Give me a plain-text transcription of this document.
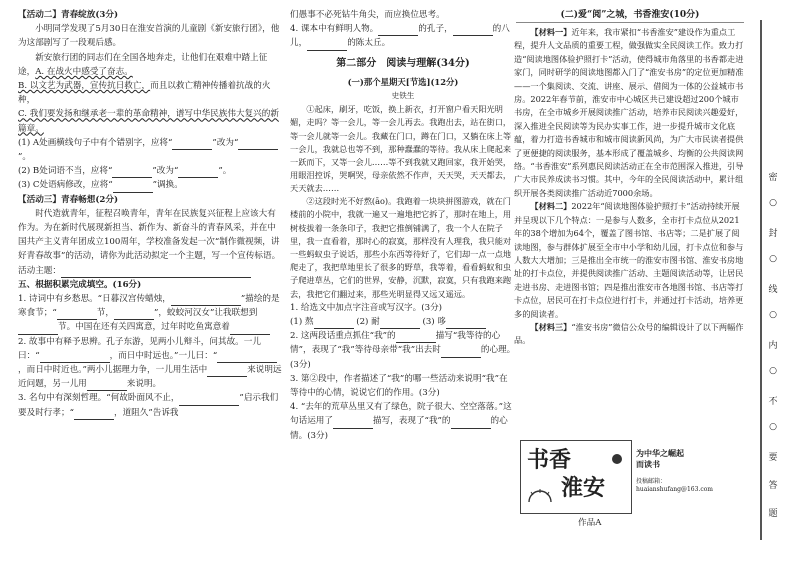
【活动二】青春绽放(3分)
小明同学发现了5月30日在淮安首演的儿童剧《新安旅行团》，他为这部剧写了一段观后感。
新安旅行团的同志们在全国各地奔走，让他们在艰难中踏上征途，A. 在战火中感受了奋志。
B. 以文艺为武器，宣传抗日救亡，而且以救亡精神传播着抗战的火种，
C. 我们要发扬和继承老一辈的革命精神，谱写中华民族伟大复兴的新篇章。
(1) A处画横线句子中有个错别字，应将“	”改为“”。
(2) B处词语不当，应将“	”改为“	”。
(3) C处语病修改，应将“	”调换。
【活动三】青春畅想(2分)
时代造就青年，征程召唤青年，青年在民族复兴征程上应该大有作为。为在新时代展现新担当、新作为、新奋斗的青春风采，并在中国共产主义青年团成立100周年，学校准备发起一次“制作微视频，讲好青春故事”的活动，请你为此活动拟定一个主题，写一个宣传标语。
活动主题：
五、根据积累完成填空。(16分)
1. 诗词中有乡愁思。“日暮汉宫传蜡烛，	”描绘的是寒食节；“	节，	”，蛟蛟河汉女”让我联想到节。中国在还有关四寓意，过年时吃鱼寓意着
2. 故事中有释予思辨。孔子东游，见两小儿辩斗，问其故。一儿曰：“	，而日中时远也。”一儿曰：“，而日中时近也。”两小儿据理力争，一儿用生活中	来说明远近问题，另一儿用	来说明。
3. 名句中有深刻哲理。“何故卧面风不止，	”启示我们要及时行孝；“	，道阻久”告诉我
们愚事不必死钻牛角尖，而应换位思考。
4. 课本中有鲜明人物。	的孔子，	的八儿，	的陈太丘。
第二部分　阅读与理解(34分)
(一)那个星期天[节选](12分)
史铁生
①起床，刷牙，吃饭，换上新衣，打开窗户看天阳光明媚，走吗？等一会儿，等一会儿再去。我跑出去，站在街口，等一会儿就等一会儿。我藏在门口，蹲在门口，又躺在床上等一会儿，我就总也等不到，那种蠢蠢的等待。我从床上爬起来一跃而下，又等一会儿……等不到我就又跑回家，我开始哭，用眼泪控诉，哭啊哭，母亲依然不作声，天天哭，天天都去，天天就去……
②这段时光不好熬(āo)。我跑着一块块拼图游戏，就在门楼前的小院中，我就一遍又一遍地把它拆了，那时在地上，用树枝拔着一条条印子，我把它推倒铺满了，我一个人在院子里，我一直看着，那时心的寂寞，那样没有人理我，我只能对一些蚂蚁虫子说话，那些小东西等待好了，它们却一点一点地爬走了，我把草地里长了很多的野草，我等着，看看蚂蚁和虫子爬进草丛，它们的世界，安静，沉默，寂寞，只有我跑来跑去，我把它们翻过来，那些光明显得又远又遥远。
1. 给选文中加点字注音或写汉字。(3分)
(1) 熬	(2) 耐	(3) 哆
2. 这两段话重点抓住“我”的	描写“我等待的心情”，表现了“我”等待母亲带“我”出去时	的心理。(3分)
3. 第②段中，作者描述了“我”的哪一些活动来说明“我”在等待中的心情，说说它们的作用。(3分)
4. “去年的荒草丛里又有了绿色，院子很大、空空落落。”这句话运用了	描写，表现了“我”的	的心情。(3分)
(二)爱“阅”之城，书香淮安(10分)
【材料一】近年来，我市紧扣“书香淮安”建设作为重点工程，提升人文品质的重要工程，做强做实全民阅读工作。致力打造“阅读地图体验护照打卡”活动，使得城市角落里的书香都走进家门，同时研学的阅读地图都入门了“淮安书房”的定位更加精准——一个集阅读、交流、讲座、展示、借阅为一体的公益城市书房。2022年春节前，淮安市中心城区共已建设超过200个城市书房，在全市城乡开展阅读推广活动，培养市民阅读兴趣爱好，深入推进全民阅读等为民办实事工作，进一步提升城市文化底蕴，着力打造书香城市和城市阅读新风尚，为广大市民读者提供了更便捷的阅读服务，基本形成了覆盖城乡、均衡的公共阅读网络。“书香淮安”系列惠民阅读活动正在全市范围深入推进，引导广大市民养成读书习惯。其中，今年的全民阅读活动中，累计组织开展各类阅读推广活动近7000余场。
【材料二】2022年“阅读地图体验护照打卡”活动持续开展并呈现以下几个特点：一是参与人数多，全市打卡点位从2021年的38个增加为64个，覆盖了图书馆、书店等；二是扩展了阅读地图，参与群体扩展至全市中小学和幼儿园，打卡点位和参与人数大大增加；三是推出全市统一的淮安市图书馆、淮安书房地址的打卡点位，并提供阅读推广活动、主题阅读活动等，让居民走进书房、走进图书馆；四是推出淮安市各地图书馆、书店等打卡点位，居民可在打卡点位进行打卡，并通过打卡活动，培养更多的阅读者。
【材料三】“淮安书房”微信公众号的编辑设计了以下两幅作品。
书香
淮安
为中华之崛起
而读书
投稿邮箱：
huaianshufang@163.com
作品A
密
○
封
○
线
○
内
○
不
○
要
答
题
